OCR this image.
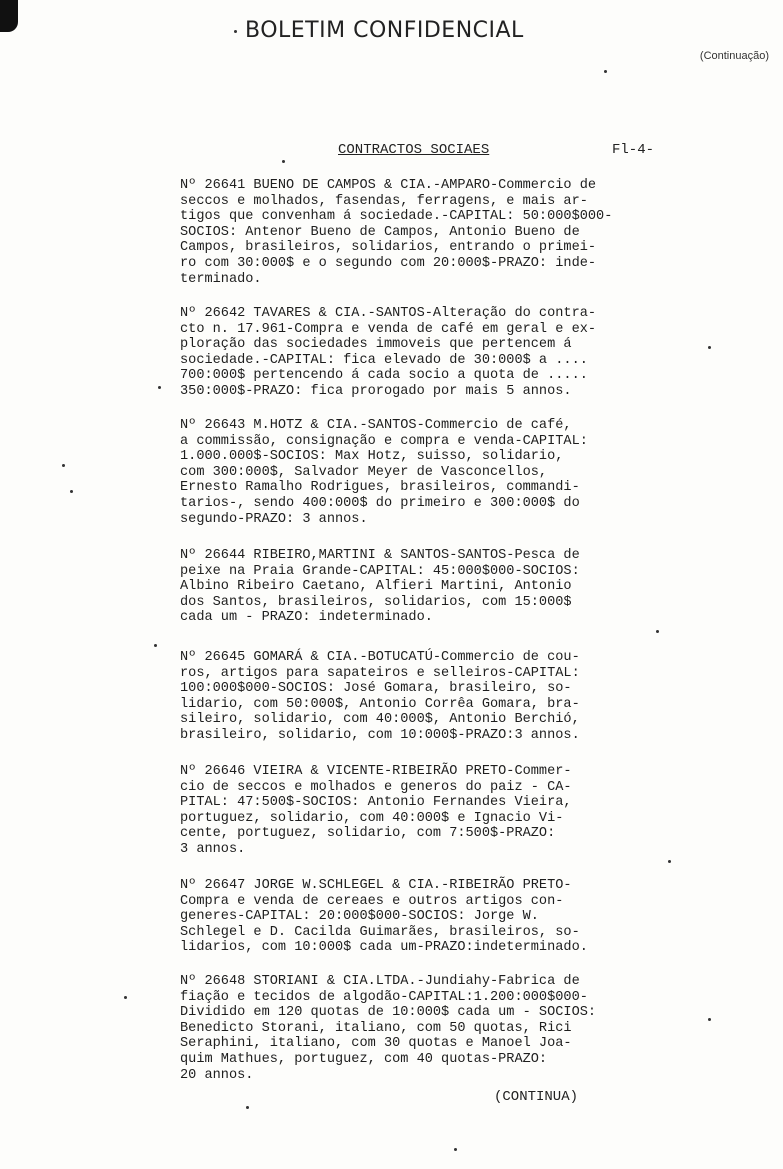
BOLETIM CONFIDENCIAL
(Continuação)
CONTRACTOS SOCIAES	Fl-4-
Nº 26641 BUENO DE CAMPOS & CIA.-AMPARO-Commercio de
seccos e molhados, fasendas, ferragens, e mais ar-
tigos que convenham á sociedade.-CAPITAL: 50:000$000-
SOCIOS: Antenor Bueno de Campos, Antonio Bueno de
Campos, brasileiros, solidarios, entrando o primei-
ro com 30:000$ e o segundo com 20:000$-PRAZO: inde-
terminado.
Nº 26642 TAVARES & CIA.-SANTOS-Alteração do contra-
cto n. 17.961-Compra e venda de café em geral e ex-
ploração das sociedades immoveis que pertencem á
sociedade.-CAPITAL: fica elevado de 30:000$ a ....
700:000$ pertencendo á cada socio a quota de .....
350:000$-PRAZO: fica prorogado por mais 5 annos.
Nº 26643 M.HOTZ & CIA.-SANTOS-Commercio de café,
a commissão, consignação e compra e venda-CAPITAL:
1.000.000$-SOCIOS: Max Hotz, suisso, solidario,
com 300:000$, Salvador Meyer de Vasconcellos,
Ernesto Ramalho Rodrigues, brasileiros, commandi-
tarios-, sendo 400:000$ do primeiro e 300:000$ do
segundo-PRAZO: 3 annos.
Nº 26644 RIBEIRO,MARTINI & SANTOS-SANTOS-Pesca de
peixe na Praia Grande-CAPITAL: 45:000$000-SOCIOS:
Albino Ribeiro Caetano, Alfieri Martini, Antonio
dos Santos, brasileiros, solidarios, com 15:000$
cada um - PRAZO: indeterminado.
Nº 26645 GOMARÁ & CIA.-BOTUCATÚ-Commercio de cou-
ros, artigos para sapateiros e selleiros-CAPITAL:
100:000$000-SOCIOS: José Gomara, brasileiro, so-
lidario, com 50:000$, Antonio Corrêa Gomara, bra-
sileiro, solidario, com 40:000$, Antonio Berchió,
brasileiro, solidario, com 10:000$-PRAZO:3 annos.
Nº 26646 VIEIRA & VICENTE-RIBEIRÃO PRETO-Commer-
cio de seccos e molhados e generos do paiz - CA-
PITAL: 47:500$-SOCIOS: Antonio Fernandes Vieira,
portuguez, solidario, com 40:000$ e Ignacio Vi-
cente, portuguez, solidario, com 7:500$-PRAZO:
3 annos.
Nº 26647 JORGE W.SCHLEGEL & CIA.-RIBEIRÃO PRETO-
Compra e venda de cereaes e outros artigos con-
generes-CAPITAL: 20:000$000-SOCIOS: Jorge W.
Schlegel e D. Cacilda Guimarães, brasileiros, so-
lidarios, com 10:000$ cada um-PRAZO:indeterminado.
Nº 26648 STORIANI & CIA.LTDA.-Jundiahy-Fabrica de
fiação e tecidos de algodão-CAPITAL:1.200:000$000-
Dividido em 120 quotas de 10:000$ cada um - SOCIOS:
Benedicto Storani, italiano, com 50 quotas, Rici
Seraphini, italiano, com 30 quotas e Manoel Joa-
quim Mathues, portuguez, com 40 quotas-PRAZO:
20 annos.
(CONTINUA)
